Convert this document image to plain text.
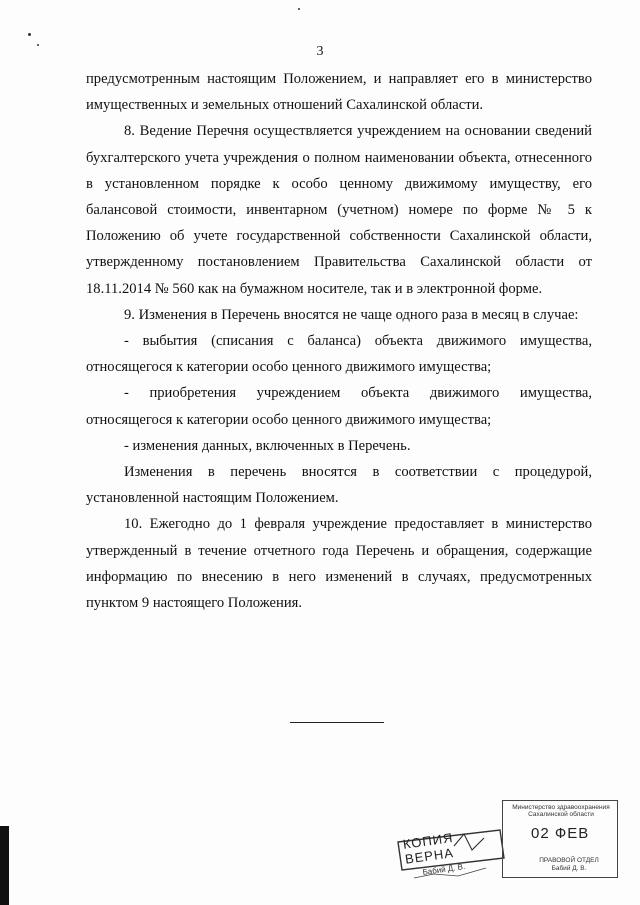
3

предусмотренным настоящим Положением, и направляет его в министерство имущественных и земельных отношений Сахалинской области.

8. Ведение Перечня осуществляется учреждением на основании сведений бухгалтерского учета учреждения о полном наименовании объекта, отнесенного в установленном порядке к особо ценному движимому имуществу, его балансовой стоимости, инвентарном (учетном) номере по форме № 5 к Положению об учете государственной собственности Сахалинской области, утвержденному постановлением Правительства Сахалинской области от 18.11.2014 № 560 как на бумажном носителе, так и в электронной форме.

9. Изменения в Перечень вносятся не чаще одного раза в месяц в случае:

- выбытия (списания с баланса) объекта движимого имущества, относящегося к категории особо ценного движимого имущества;

- приобретения учреждением объекта движимого имущества, относящегося к категории особо ценного движимого имущества;

- изменения данных, включенных в Перечень.

Изменения в перечень вносятся в соответствии с процедурой, установленной настоящим Положением.

10. Ежегодно до 1 февраля учреждение предоставляет в министерство утвержденный в течение отчетного года Перечень и обращения, содержащие информацию по внесению в него изменений в случаях, предусмотренных пунктом 9 настоящего Положения.

КОПИЯ ВЕРНА
Бабий Д. В.
Министерство здравоохранения
Сахалинской области
02 ФЕВ
ПРАВОВОЙ ОТДЕЛ
Бабий Д. В.
